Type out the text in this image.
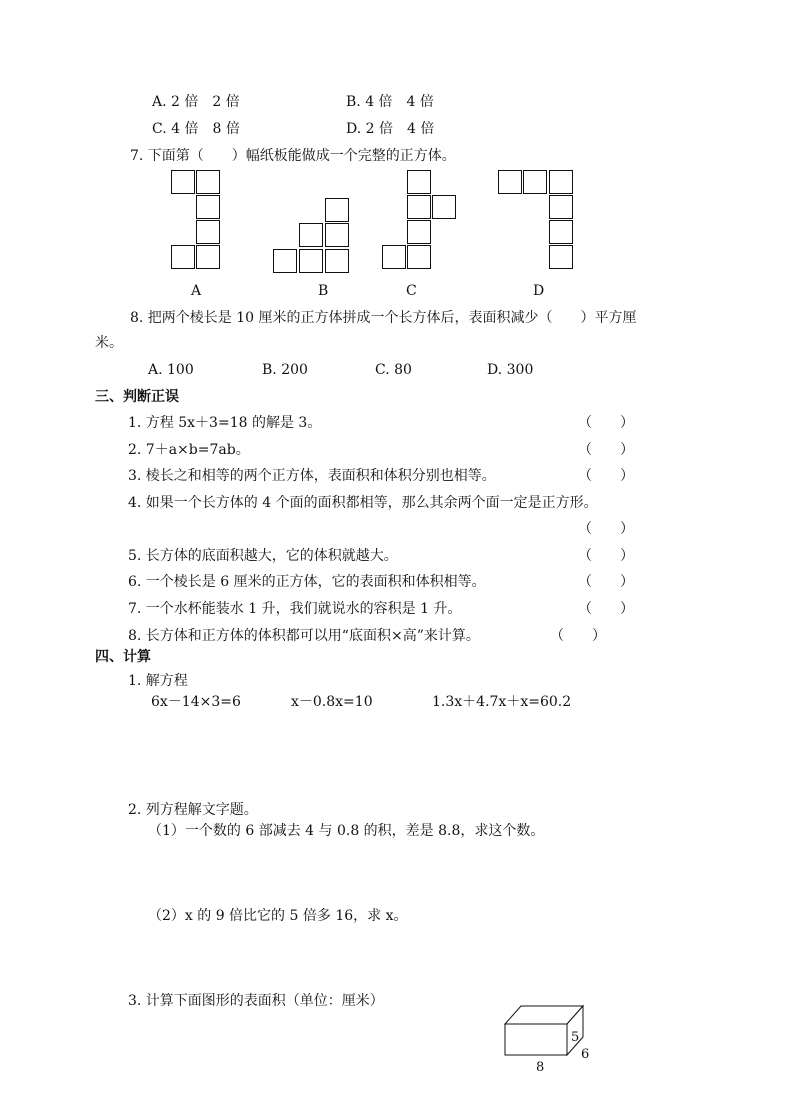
A. 2 倍　2 倍	B. 4 倍　4 倍
C. 4 倍　8 倍	D. 2 倍　4 倍
7. 下面第（　　）幅纸板能做成一个完整的正方体。
A	B	C	D
8. 把两个棱长是 10 厘米的正方体拼成一个长方体后，表面积减少（　　）平方厘
米。
A. 100	B. 200	C. 80	D. 300
三、判断正误
1. 方程 5x＋3=18 的解是 3。	（　　）
2. 7＋a×b=7ab。	（　　）
3. 棱长之和相等的两个正方体，表面积和体积分别也相等。	（　　）
4. 如果一个长方体的 4 个面的面积都相等，那么其余两个面一定是正方形。
（　　）
5. 长方体的底面积越大，它的体积就越大。	（　　）
6. 一个棱长是 6 厘米的正方体，它的表面积和体积相等。	（　　）
7. 一个水杯能装水 1 升，我们就说水的容积是 1 升。	（　　）
8. 长方体和正方体的体积都可以用“底面积×高”来计算。	（　　）
四、计算
1. 解方程
6x－14×3=6	x－0.8x=10	1.3x＋4.7x＋x=60.2
2. 列方程解文字题。
（1）一个数的 6 部减去 4 与 0.8 的积，差是 8.8，求这个数。
（2）x 的 9 倍比它的 5 倍多 16，求 x。
3. 计算下面图形的表面积（单位：厘米）
8
5
6
